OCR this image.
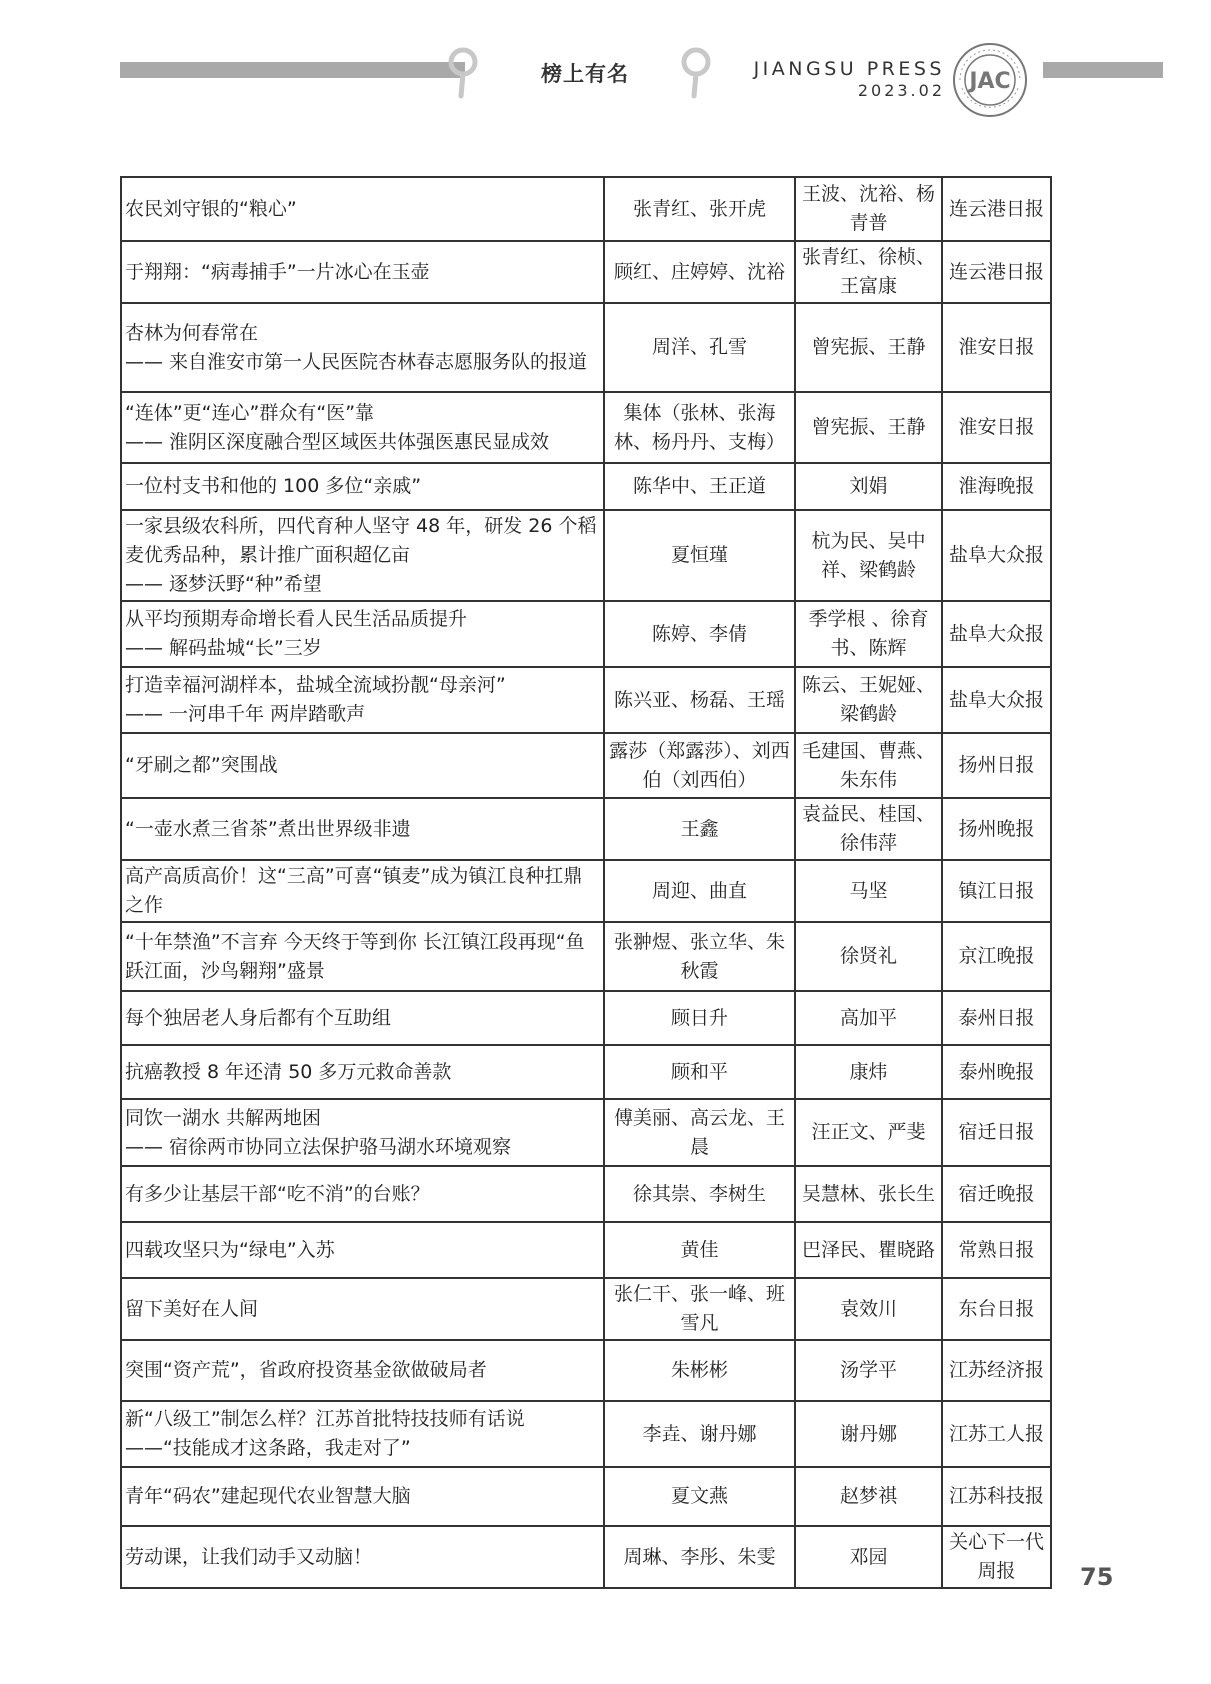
榜上有名	JIANGSU PRESS
2023.02 JAC
农民刘守银的“粮心”	张青红、张开虎	王波、沈裕、杨青普	连云港日报

于翔翔：“病毒捕手”一片冰心在玉壶	顾红、庄婷婷、沈裕	张青红、徐桢、王富康	连云港日报

杏林为何春常在
—— 来自淮安市第一人民医院杏林春志愿服务队的报道	周洋、孔雪	曾宪振、王静	淮安日报

“连体”更“连心”群众有“医”靠
—— 淮阴区深度融合型区域医共体强医惠民显成效	集体（张林、张海林、杨丹丹、支梅）	曾宪振、王静	淮安日报

一位村支书和他的 100 多位“亲戚”	陈华中、王正道	刘娟	淮海晚报

一家县级农科所，四代育种人坚守 48 年，研发 26 个稻麦优秀品种，累计推广面积超亿亩
—— 逐梦沃野“种”希望	夏恒瑾	杭为民、吴中祥、梁鹤龄	盐阜大众报

从平均预期寿命增长看人民生活品质提升
—— 解码盐城“长”三岁	陈婷、李倩	季学根 、徐育书、陈辉	盐阜大众报

打造幸福河湖样本，盐城全流域扮靓“母亲河”
—— 一河串千年 两岸踏歌声	陈兴亚、杨磊、王瑶	陈云、王妮娅、梁鹤龄	盐阜大众报

“牙刷之都”突围战	露莎（郑露莎）、刘西伯（刘西伯）	毛建国、曹燕、朱东伟	扬州日报

“一壶水煮三省茶”煮出世界级非遗	王鑫	袁益民、桂国、徐伟萍	扬州晚报

高产高质高价！这“三高”可喜“镇麦”成为镇江良种扛鼎之作	周迎、曲直	马坚	镇江日报

“十年禁渔”不言弃 今天终于等到你 长江镇江段再现“鱼跃江面，沙鸟翱翔”盛景	张翀煜、张立华、朱秋霞	徐贤礼	京江晚报

每个独居老人身后都有个互助组	顾日升	高加平	泰州日报

抗癌教授 8 年还清 50 多万元救命善款	顾和平	康炜	泰州晚报

同饮一湖水 共解两地困
—— 宿徐两市协同立法保护骆马湖水环境观察	傅美丽、高云龙、王晨	汪正文、严斐	宿迁日报

有多少让基层干部“吃不消”的台账？	徐其崇、李树生	吴慧林、张长生	宿迁晚报

四载攻坚只为“绿电”入苏	黄佳	巴泽民、瞿晓路	常熟日报

留下美好在人间	张仁干、张一峰、班雪凡	袁效川	东台日报

突围“资产荒”，省政府投资基金欲做破局者	朱彬彬	汤学平	江苏经济报

新“八级工”制怎么样？江苏首批特技技师有话说
——“技能成才这条路，我走对了”	李垚、谢丹娜	谢丹娜	江苏工人报

青年“码农”建起现代农业智慧大脑	夏文燕	赵梦祺	江苏科技报

劳动课，让我们动手又动脑！	周琳、李彤、朱雯	邓园	关心下一代周报	75
